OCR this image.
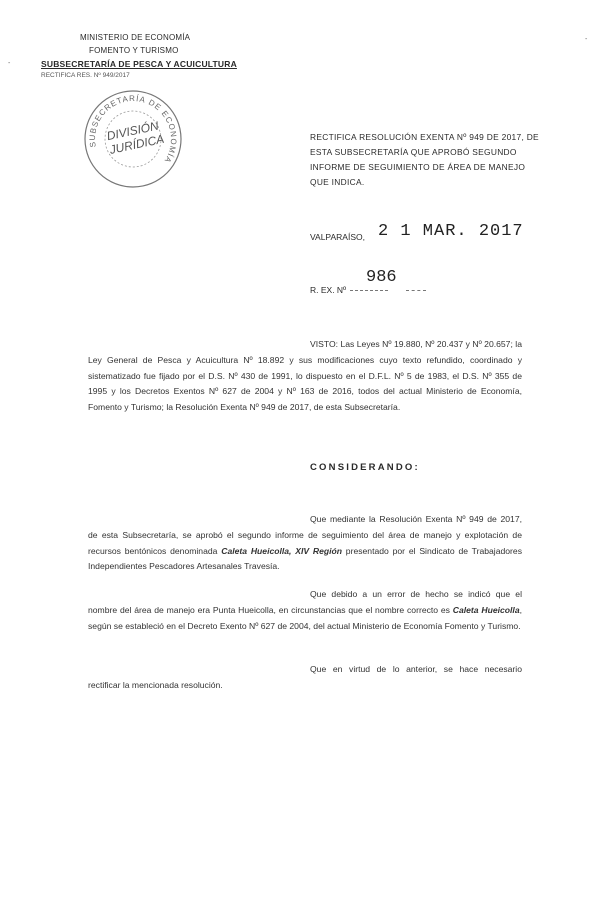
-
-
MINISTERIO DE ECONOMÍA
FOMENTO Y TURISMO
SUBSECRETARÍA DE PESCA Y ACUICULTURA
RECTIFICA RES. Nº 949/2017
SUBSECRETARÍA DE ECONOMÍA
DIVISIÓN JURÍDICA	RECTIFICA RESOLUCIÓN EXENTA Nº 949 DE 2017, DE ESTA SUBSECRETARÍA QUE APROBÓ SEGUNDO INFORME DE SEGUIMIENTO DE ÁREA DE MANEJO QUE INDICA.
VALPARAÍSO, 2 1 MAR. 2017
R. EX. Nº
986
VISTO: Las Leyes Nº 19.880, Nº 20.437 y Nº 20.657; la Ley General de Pesca y Acuicultura Nº 18.892 y sus modificaciones cuyo texto refundido, coordinado y sistematizado fue fijado por el D.S. Nº 430 de 1991, lo dispuesto en el D.F.L. Nº 5 de 1983, el D.S. Nº 355 de 1995 y los Decretos Exentos Nº 627 de 2004 y Nº 163 de 2016, todos del actual Ministerio de Economía, Fomento y Turismo; la Resolución Exenta Nº 949 de 2017, de esta Subsecretaría.
CONSIDERANDO:
Que mediante la Resolución Exenta Nº 949 de 2017, de esta Subsecretaría, se aprobó el segundo informe de seguimiento del área de manejo y explotación de recursos bentónicos denominada Caleta Hueicolla, XIV Región presentado por el Sindicato de Trabajadores Independientes Pescadores Artesanales Travesía.
Que debido a un error de hecho se indicó que el nombre del área de manejo era Punta Hueicolla, en circunstancias que el nombre correcto es Caleta Hueicolla, según se estableció en el Decreto Exento Nº 627 de 2004, del actual Ministerio de Economía Fomento y Turismo.
Que en virtud de lo anterior, se hace necesario rectificar la mencionada resolución.
